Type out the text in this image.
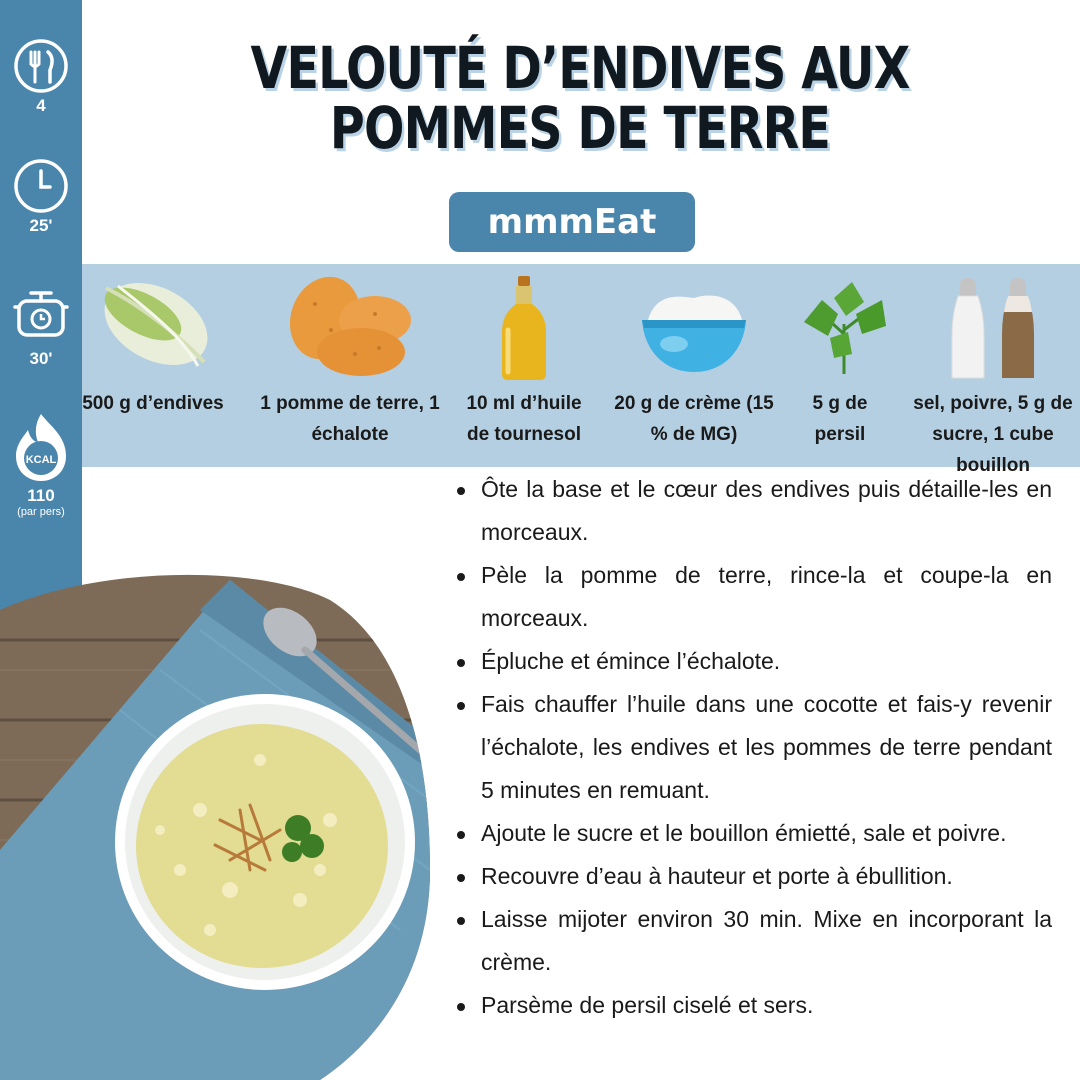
4
25'
30'
KCAL
110
(par pers)
VELOUTÉ D’ENDIVES AUX POMMES DE TERRE
mmmEat
500 g d’endives 1 pomme de terre, 1 échalote
10 ml d’huile de tournesol
20 g de crème (15 % de MG)
5 g de persil
sel, poivre, 5 g de sucre, 1 cube bouillon
Ôte la base et le cœur des endives puis détaille-les en morceaux.
Pèle la pomme de terre, rince-la et coupe-la en morceaux.
Épluche et émince l’échalote.
Fais chauffer l’huile dans une cocotte et fais-y revenir l’échalote, les endives et les pommes de terre pendant 5 minutes en remuant.
Ajoute le sucre et le bouillon émietté, sale et poivre.
Recouvre d’eau à hauteur et porte à ébullition.
Laisse mijoter environ 30 min. Mixe en incorporant la crème.
Parsème de persil ciselé et sers.
